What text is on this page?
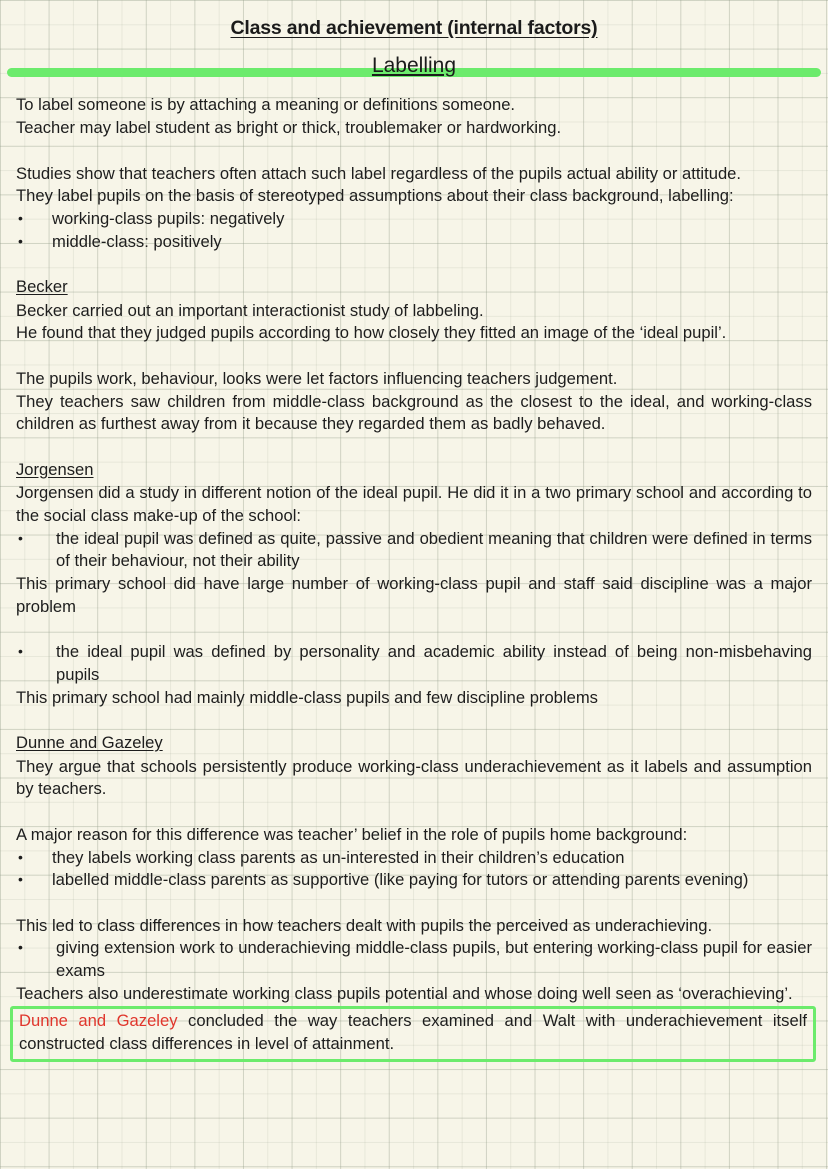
Class and achievement (internal factors)
Labelling

To label someone is by attaching a meaning or definitions someone.

Teacher may label student as bright or thick, troublemaker or hardworking.

Studies show that teachers often attach such label regardless of the pupils actual ability or attitude.

They label pupils on the basis of stereotyped assumptions about their class background, labelling:

• working-class pupils: negatively
• middle-class: positively
Becker

Becker carried out an important interactionist study of labbeling.

He found that they judged pupils according to how closely they fitted an image of the ‘ideal pupil’.

The pupils work, behaviour, looks were let factors influencing teachers judgement.

They teachers saw children from middle-class background as the closest to the ideal, and working-class children as furthest away from it because they regarded them as badly behaved.

Jorgensen

Jorgensen did a study in different notion of the ideal pupil. He did it in a two primary school and according to the social class make-up of the school:

• the ideal pupil was defined as quite, passive and obedient meaning that children were defined in terms of their behaviour, not their ability

This primary school did have large number of working-class pupil and staff said discipline was a major problem

• the ideal pupil was defined by personality and academic ability instead of being non-misbehaving pupils

This primary school had mainly middle-class pupils and few discipline problems

Dunne and Gazeley

They argue that schools persistently produce working-class underachievement as it labels and assumption by teachers.

A major reason for this difference was teacher’ belief in the role of pupils home background:

• they labels working class parents as un-interested in their children’s education
• labelled middle-class parents as supportive (like paying for tutors or attending parents evening)

This led to class differences in how teachers dealt with pupils the perceived as underachieving.

• giving extension work to underachieving middle-class pupils, but entering working-class pupil for easier exams

Teachers also underestimate working class pupils potential and whose doing well seen as ‘overachieving’.

Dunne and Gazeley concluded the way teachers examined and Walt with underachievement itself constructed class differences in level of attainment.
